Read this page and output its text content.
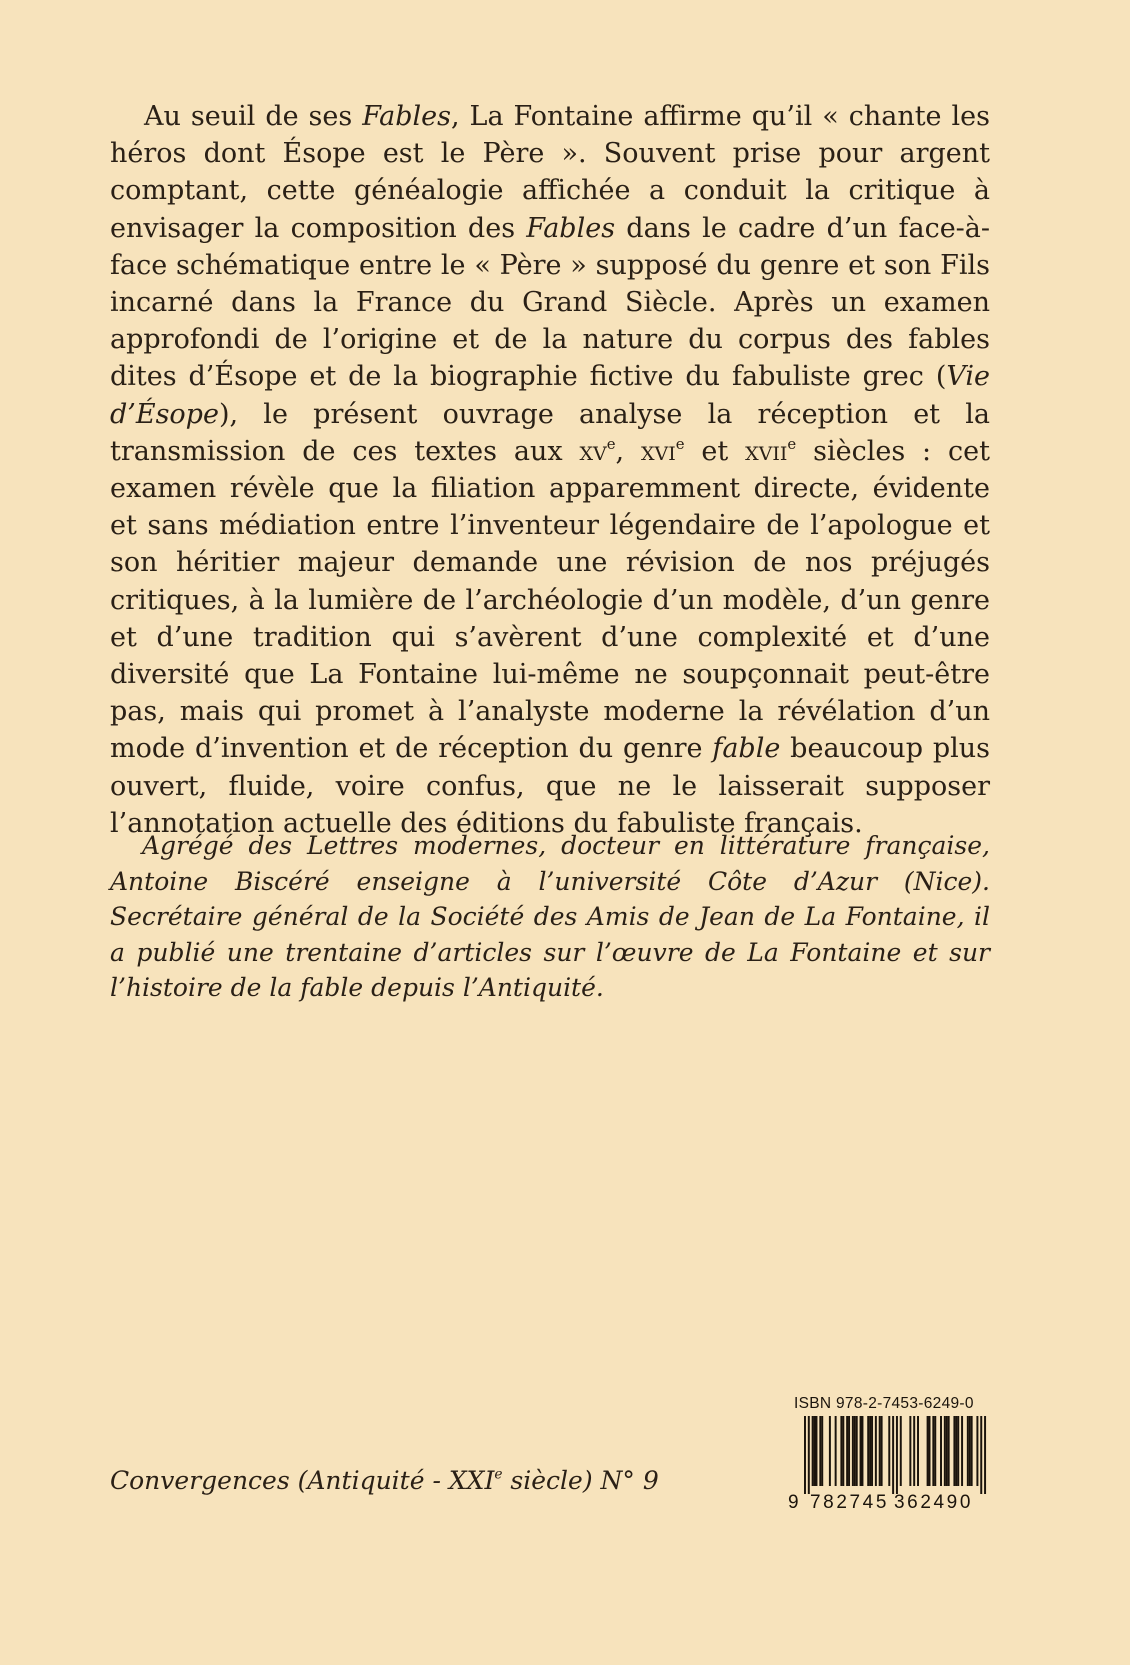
Au seuil de ses Fables, La Fontaine affirme qu’il « chante les héros dont Ésope est le Père ». Souvent prise pour argent comptant, cette généalogie affichée a conduit la critique à envisager la composition des Fables dans le cadre d’un face-à-face schématique entre le « Père » supposé du genre et son Fils incarné dans la France du Grand Siècle. Après un examen approfondi de l’origine et de la nature du corpus des fables dites d’Ésope et de la biographie fictive du fabuliste grec (Vie d’Ésope), le présent ouvrage analyse la réception et la transmission de ces textes aux $xv^e$, xvi$^e$ et xvii$^e$ siècles : cet examen révèle que la filiation apparemment directe, évidente et sans médiation entre l’inventeur légendaire de l’apologue et son héritier majeur demande une révision de nos préjugés critiques, à la lumière de l’archéologie d’un modèle, d’un genre et d’une tradition qui s’avèrent d’une complexité et d’une diversité que La Fontaine lui-même ne soupçonnait peut-être pas, mais qui promet à l’analyste moderne la révélation d’un mode d’invention et de réception du genre fable beaucoup plus ouvert, fluide, voire confus, que ne le laisserait supposer l’annotation actuelle des éditions du fabuliste français.

Agrégé des Lettres modernes, docteur en littérature française, Antoine Biscéré enseigne à l’université Côte d’Azur (Nice). Secrétaire général de la Société des Amis de Jean de La Fontaine, il a publié une trentaine d’articles sur l’œuvre de La Fontaine et sur l’histoire de la fable depuis l’Antiquité.

Convergences (Antiquité - XXIe siècle) N° 9
ISBN 978-2-7453-6249-0
9 782745 362490
